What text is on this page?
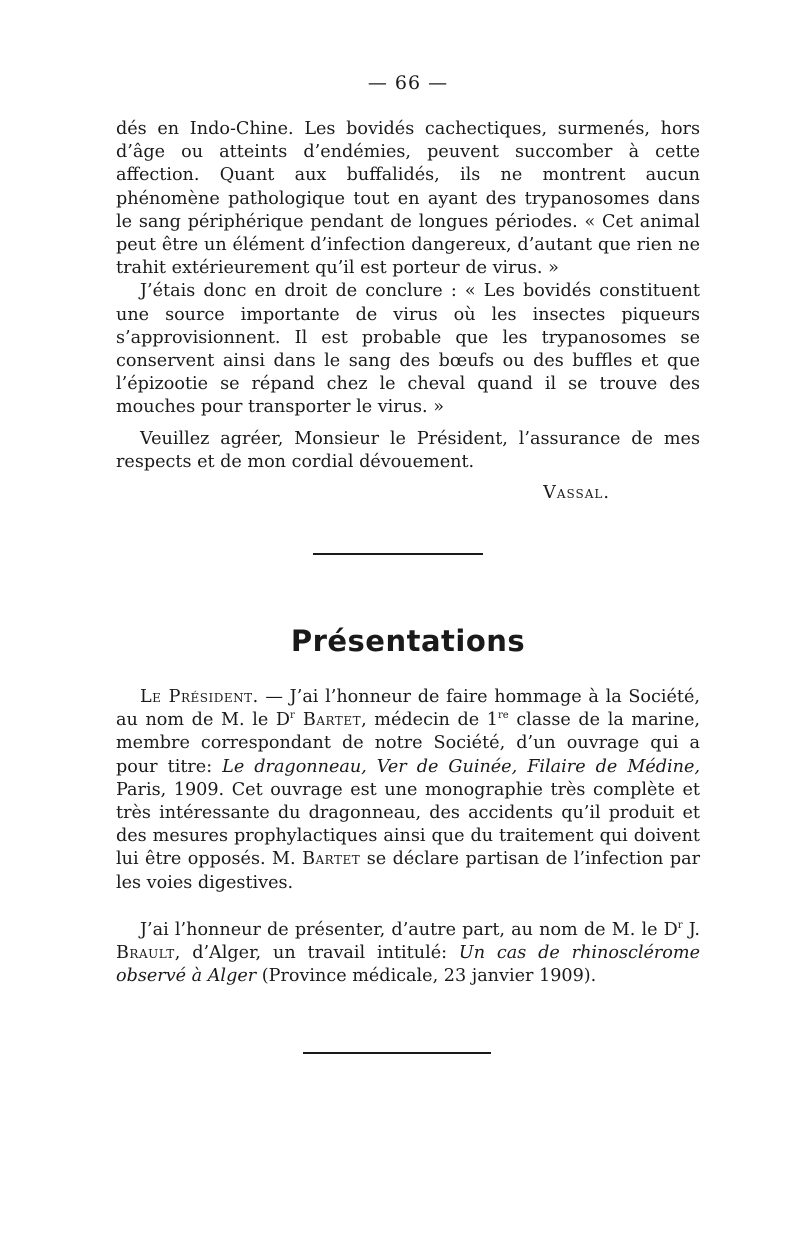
— 66 —

dés en Indo-Chine. Les bovidés cachectiques, surmenés, hors d’âge ou atteints d’endémies, peuvent succomber à cette affection. Quant aux buffalidés, ils ne montrent aucun phénomène pathologique tout en ayant des trypanosomes dans le sang périphérique pendant de longues périodes. « Cet animal peut être un élément d’infection dangereux, d’autant que rien ne trahit extérieurement qu’il est porteur de virus. »

J’étais donc en droit de conclure : « Les bovidés constituent une source importante de virus où les insectes piqueurs s’approvisionnent. Il est probable que les trypanosomes se conservent ainsi dans le sang des bœufs ou des buffles et que l’épizootie se répand chez le cheval quand il se trouve des mouches pour transporter le virus. »

Veuillez agréer, Monsieur le Président, l’assurance de mes respects et de mon cordial dévouement.

Vassal.
Présentations

Le Président. — J’ai l’honneur de faire hommage à la Société, au nom de M. le $D^r$ Bartet, médecin de 1re classe de la marine, membre correspondant de notre Société, d’un ouvrage qui a pour titre: Le dragonneau, Ver de Guinée, Filaire de Médine, Paris, 1909. Cet ouvrage est une monographie très complète et très intéressante du dragonneau, des accidents qu’il produit et des mesures prophylactiques ainsi que du traitement qui doivent lui être opposés. M. Bartet se déclare partisan de l’infection par les voies digestives.

J’ai l’honneur de présenter, d’autre part, au nom de M. le $D^r$ J. Brault, d’Alger, un travail intitulé: Un cas de rhinosclérome observé à Alger (Province médicale, 23 janvier 1909).
